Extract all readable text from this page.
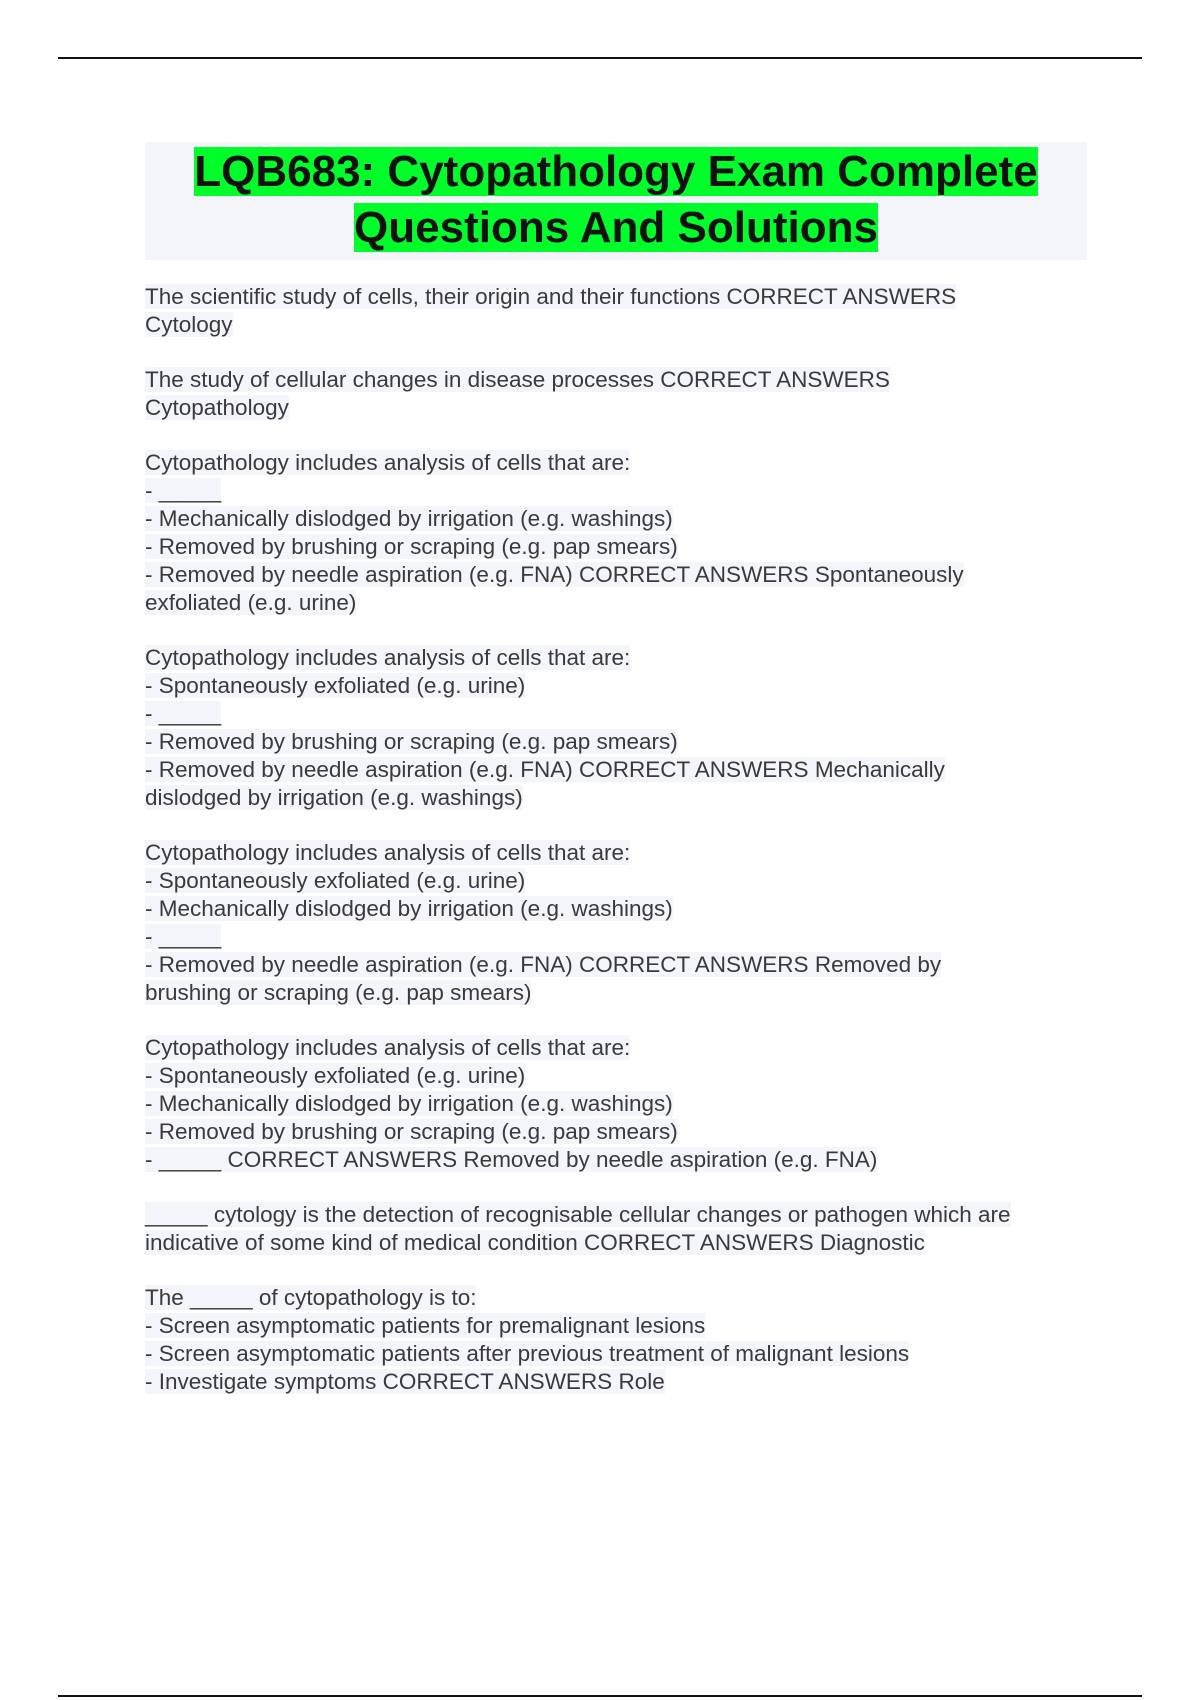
LQB683: Cytopathology Exam Complete
Questions And Solutions
The scientific study of cells, their origin and their functions CORRECT ANSWERS
Cytology
The study of cellular changes in disease processes CORRECT ANSWERS
Cytopathology
Cytopathology includes analysis of cells that are:
- _____
- Mechanically dislodged by irrigation (e.g. washings)
- Removed by brushing or scraping (e.g. pap smears)
- Removed by needle aspiration (e.g. FNA) CORRECT ANSWERS Spontaneously
exfoliated (e.g. urine)
Cytopathology includes analysis of cells that are:
- Spontaneously exfoliated (e.g. urine)
- _____
- Removed by brushing or scraping (e.g. pap smears)
- Removed by needle aspiration (e.g. FNA) CORRECT ANSWERS Mechanically
dislodged by irrigation (e.g. washings)
Cytopathology includes analysis of cells that are:
- Spontaneously exfoliated (e.g. urine)
- Mechanically dislodged by irrigation (e.g. washings)
- _____
- Removed by needle aspiration (e.g. FNA) CORRECT ANSWERS Removed by
brushing or scraping (e.g. pap smears)
Cytopathology includes analysis of cells that are:
- Spontaneously exfoliated (e.g. urine)
- Mechanically dislodged by irrigation (e.g. washings)
- Removed by brushing or scraping (e.g. pap smears)
- _____ CORRECT ANSWERS Removed by needle aspiration (e.g. FNA)
_____ cytology is the detection of recognisable cellular changes or pathogen which are
indicative of some kind of medical condition CORRECT ANSWERS Diagnostic
The _____ of cytopathology is to:
- Screen asymptomatic patients for premalignant lesions
- Screen asymptomatic patients after previous treatment of malignant lesions
- Investigate symptoms CORRECT ANSWERS Role
